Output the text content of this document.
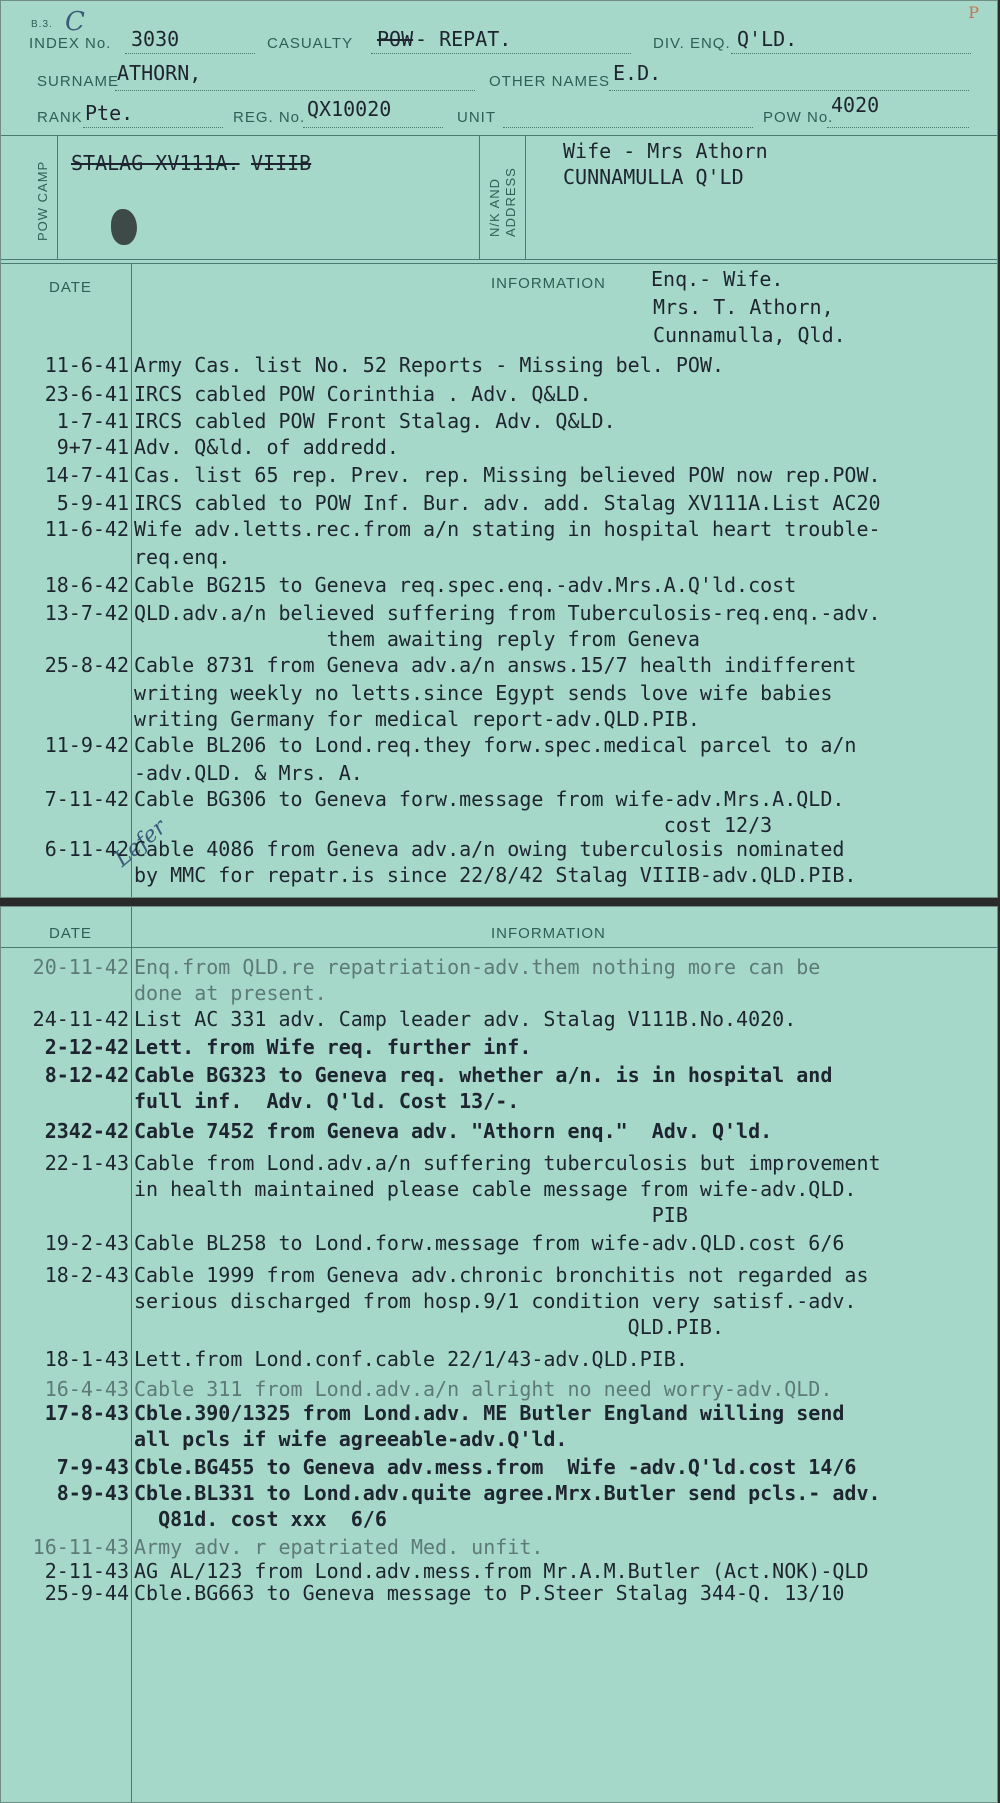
B.3. C	P
INDEX No. 3030	CASUALTY POW - REPAT.	DIV. ENQ. Q'LD.
SURNAME
ATHORN,	OTHER NAMES E.D.
RANK Pte.	REG. No. QX10020	UNIT	POW No.
4020
POW CAMP STALAG XV111A. VIIIB
N/K AND ADDRESS
Wife - Mrs Athorn
CUNNAMULLA Q'LD
DATE	INFORMATION Enq.- Wife.
Mrs. T. Athorn,
Cunnamulla, Qld.
Lefer
11-6-41 Army Cas. list No. 52 Reports - Missing bel. POW.
23-6-41 IRCS cabled POW Corinthia . Adv. Q&LD.
1-7-41 IRCS cabled POW Front Stalag. Adv. Q&LD.
9+7-41 Adv. Q&ld. of addredd.
14-7-41 Cas. list 65 rep. Prev. rep. Missing believed POW now rep.POW.
5-9-41 IRCS cabled to POW Inf. Bur. adv. add. Stalag XV111A.List AC20
11-6-42 Wife adv.letts.rec.from a/n stating in hospital heart trouble-
req.enq.
18-6-42 Cable BG215 to Geneva req.spec.enq.-adv.Mrs.A.Q'ld.cost
13-7-42 QLD.adv.a/n believed suffering from Tuberculosis-req.enq.-adv.
them awaiting reply from Geneva
25-8-42 Cable 8731 from Geneva adv.a/n answs.15/7 health indifferent
writing weekly no letts.since Egypt sends love wife babies
writing Germany for medical report-adv.QLD.PIB.
11-9-42 Cable BL206 to Lond.req.they forw.spec.medical parcel to a/n
-adv.QLD. & Mrs. A.
7-11-42 Cable BG306 to Geneva forw.message from wife-adv.Mrs.A.QLD.
cost 12/3
6-11-42 Cable 4086 from Geneva adv.a/n owing tuberculosis nominated
by MMC for repatr.is since 22/8/42 Stalag VIIIB-adv.QLD.PIB.
DATE	INFORMATION
20-11-42 Enq.from QLD.re repatriation-adv.them nothing more can be
done at present.
24-11-42 List AC 331 adv. Camp leader adv. Stalag V111B.No.4020.
2-12-42 Lett. from Wife req. further inf.
8-12-42 Cable BG323 to Geneva req. whether a/n. is in hospital and
full inf.  Adv. Q'ld. Cost 13/-.
2342-42 Cable 7452 from Geneva adv. "Athorn enq."  Adv. Q'ld.
22-1-43 Cable from Lond.adv.a/n suffering tuberculosis but improvement
in health maintained please cable message from wife-adv.QLD.
PIB
19-2-43 Cable BL258 to Lond.forw.message from wife-adv.QLD.cost 6/6
18-2-43 Cable 1999 from Geneva adv.chronic bronchitis not regarded as
serious discharged from hosp.9/1 condition very satisf.-adv.
QLD.PIB.
18-1-43 Lett.from Lond.conf.cable 22/1/43-adv.QLD.PIB.
16-4-43 Cable 311 from Lond.adv.a/n alright no need worry-adv.QLD.
17-8-43 Cble.390/1325 from Lond.adv. ME Butler England willing send
all pcls if wife agreeable-adv.Q'ld.
7-9-43 Cble.BG455 to Geneva adv.mess.from  Wife -adv.Q'ld.cost 14/6
8-9-43 Cble.BL331 to Lond.adv.quite agree.Mrx.Butler send pcls.- adv.
Q81d. cost xxx  6/6
16-11-43 Army adv. r epatriated Med. unfit.
2-11-43 AG AL/123 from Lond.adv.mess.from Mr.A.M.Butler (Act.NOK)-QLD
25-9-44 Cble.BG663 to Geneva message to P.Steer Stalag 344-Q. 13/10
